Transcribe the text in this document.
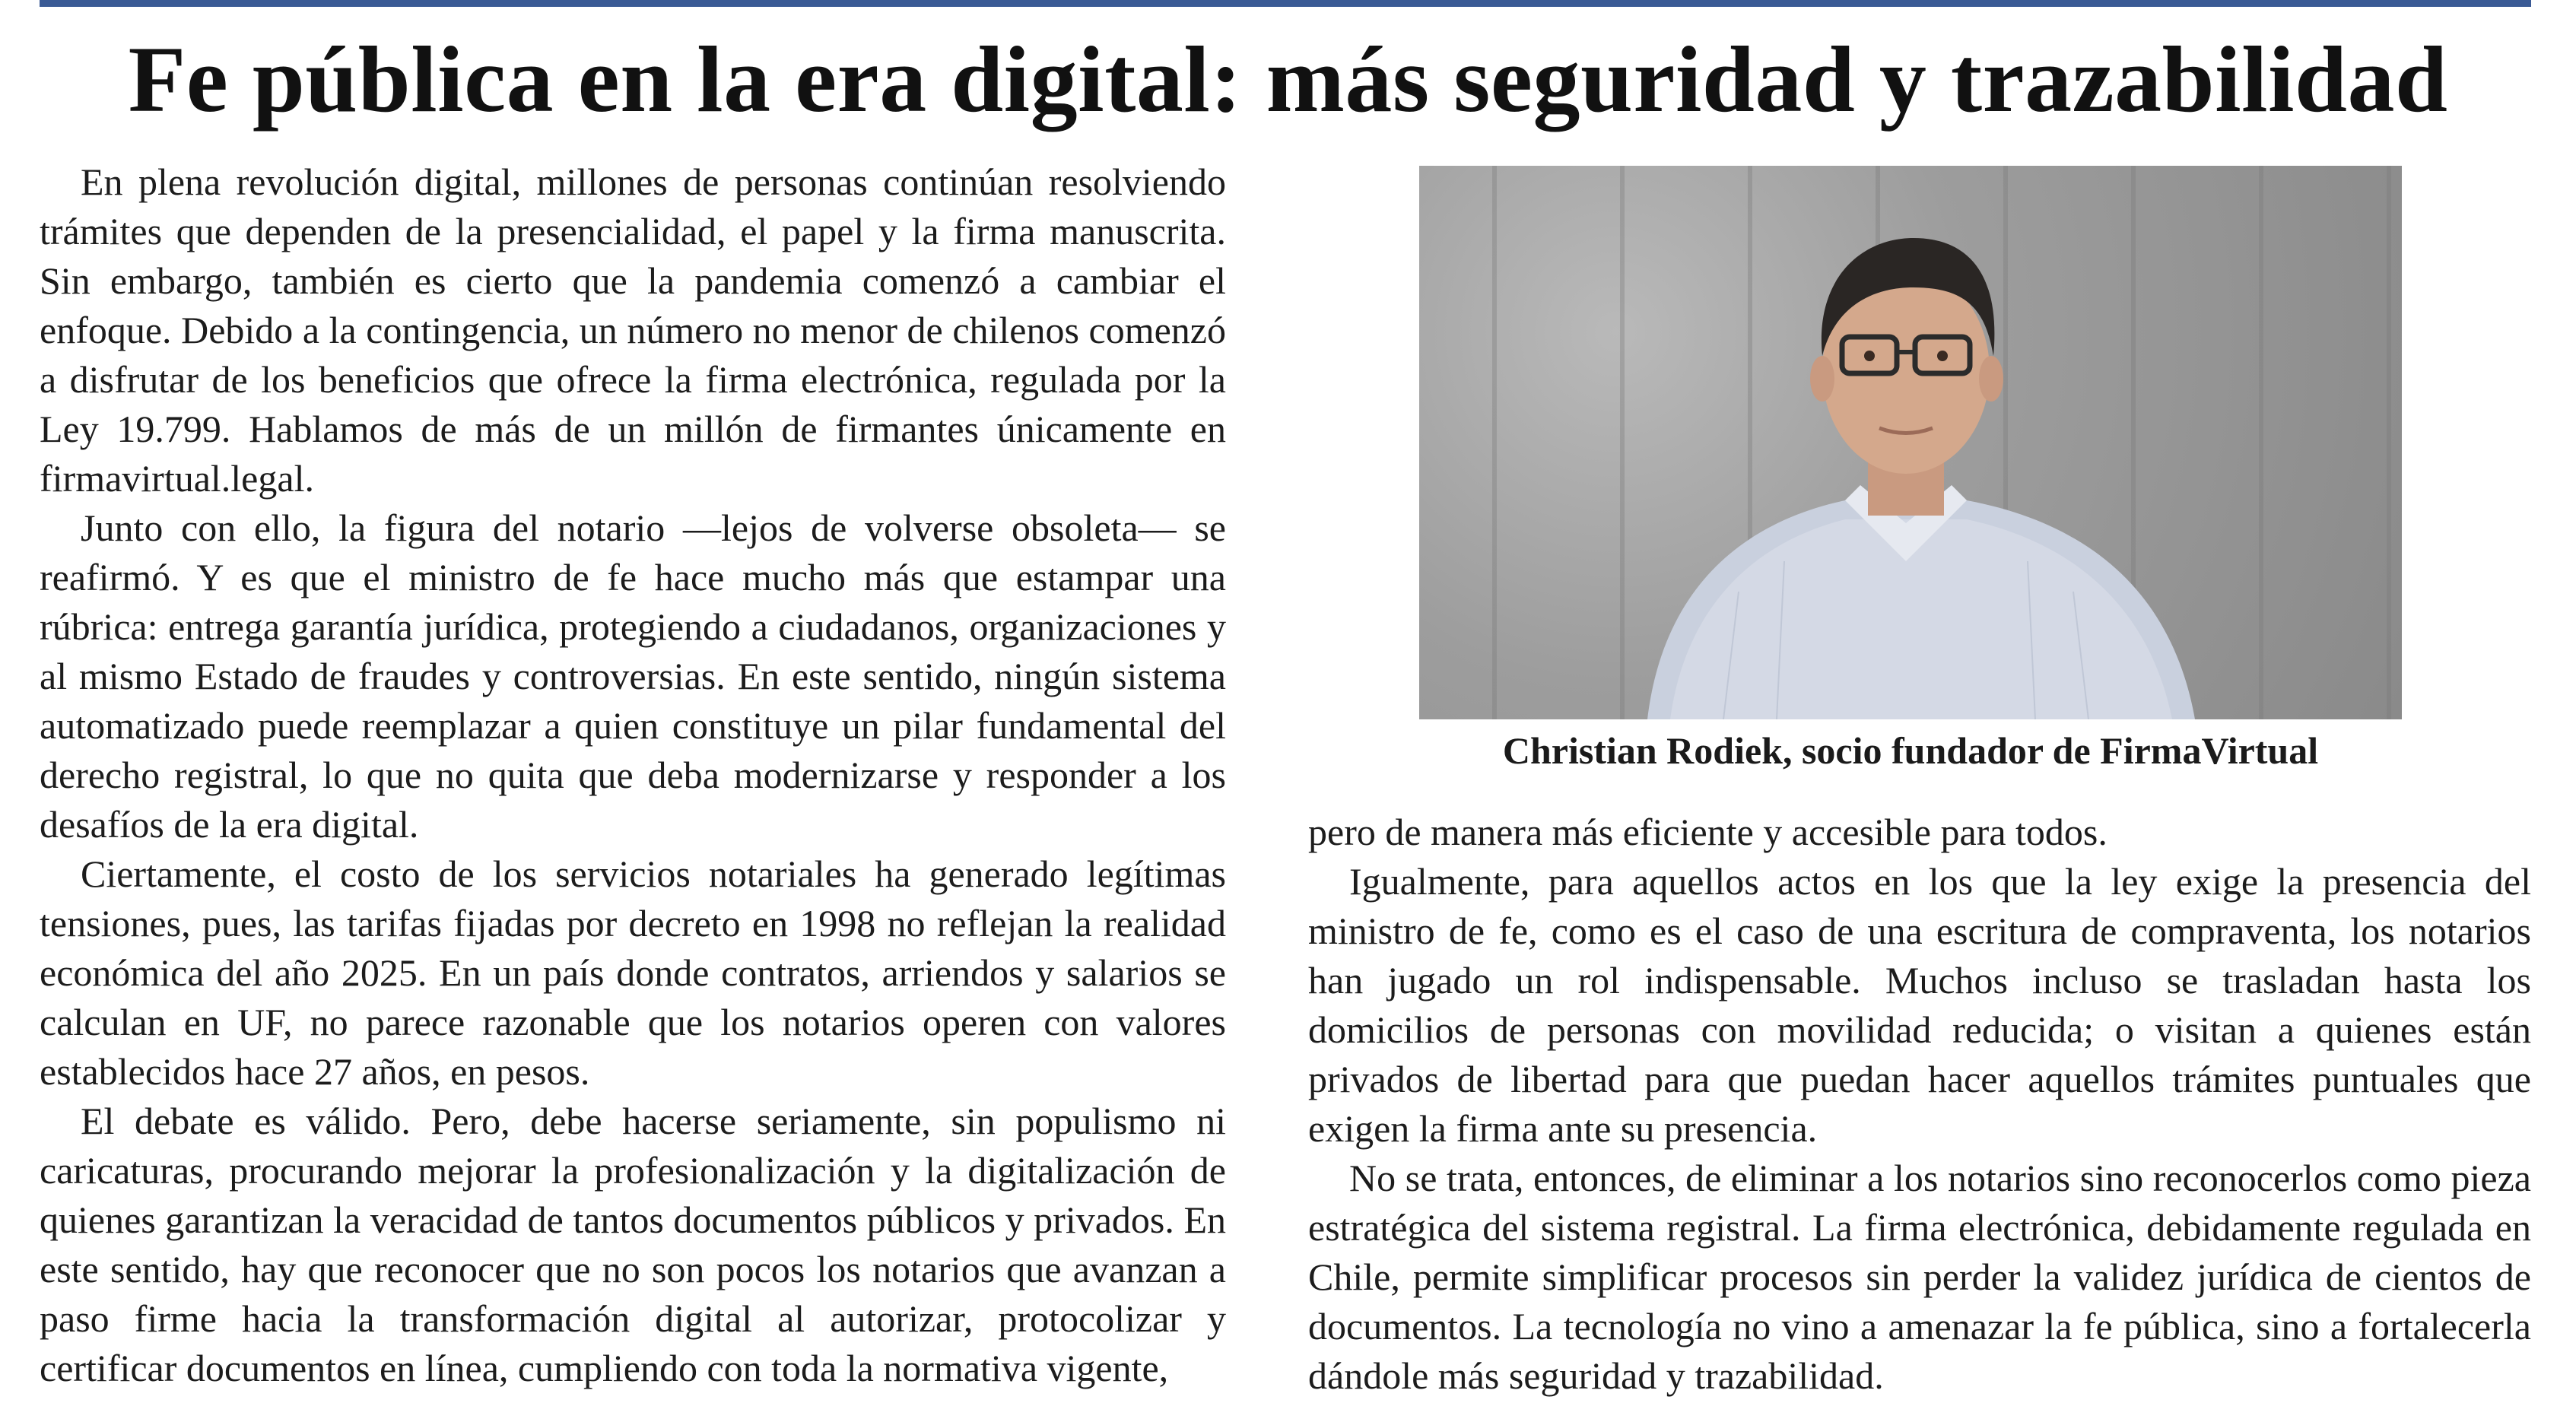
Fe pública en la era digital: más seguridad y trazabilidad

En plena revolución digital, millones de personas continúan resolviendo trámites que dependen de la presencialidad, el papel y la firma manuscrita. Sin embargo, también es cierto que la pandemia comenzó a cambiar el enfoque. Debido a la contingencia, un número no menor de chilenos comenzó a disfrutar de los beneficios que ofrece la firma electrónica, regulada por la Ley 19.799. Hablamos de más de un millón de firmantes únicamente en firmavirtual.legal.

Junto con ello, la figura del notario —lejos de volverse obsoleta— se reafirmó. Y es que el ministro de fe hace mucho más que estampar una rúbrica: entrega garantía jurídica, protegiendo a ciudadanos, organizaciones y al mismo Estado de fraudes y controversias. En este sentido, ningún sistema automatizado puede reemplazar a quien constituye un pilar fundamental del derecho registral, lo que no quita que deba modernizarse y responder a los desafíos de la era digital.

Ciertamente, el costo de los servicios notariales ha generado legítimas tensiones, pues, las tarifas fijadas por decreto en 1998 no reflejan la realidad económica del año 2025. En un país donde contratos, arriendos y salarios se calculan en UF, no parece razonable que los notarios operen con valores establecidos hace 27 años, en pesos.

El debate es válido. Pero, debe hacerse seriamente, sin populismo ni caricaturas, procurando mejorar la profesionalización y la digitalización de quienes garantizan la veracidad de tantos documentos públicos y privados. En este sentido, hay que reconocer que no son pocos los notarios que avanzan a paso firme hacia la transformación digital al autorizar, protocolizar y certificar documentos en línea, cumpliendo con toda la normativa vigente,

Christian Rodiek, socio fundador de FirmaVirtual

pero de manera más eficiente y accesible para todos.

Igualmente, para aquellos actos en los que la ley exige la presencia del ministro de fe, como es el caso de una escritura de compraventa, los notarios han jugado un rol indispensable. Muchos incluso se trasladan hasta los domicilios de personas con movilidad reducida; o visitan a quienes están privados de libertad para que puedan hacer aquellos trámites puntuales que exigen la firma ante su presencia.

No se trata, entonces, de eliminar a los notarios sino reconocerlos como pieza estratégica del sistema registral. La firma electrónica, debidamente regulada en Chile, permite simplificar procesos sin perder la validez jurídica de cientos de documentos. La tecnología no vino a amenazar la fe pública, sino a fortalecerla dándole más seguridad y trazabilidad.
